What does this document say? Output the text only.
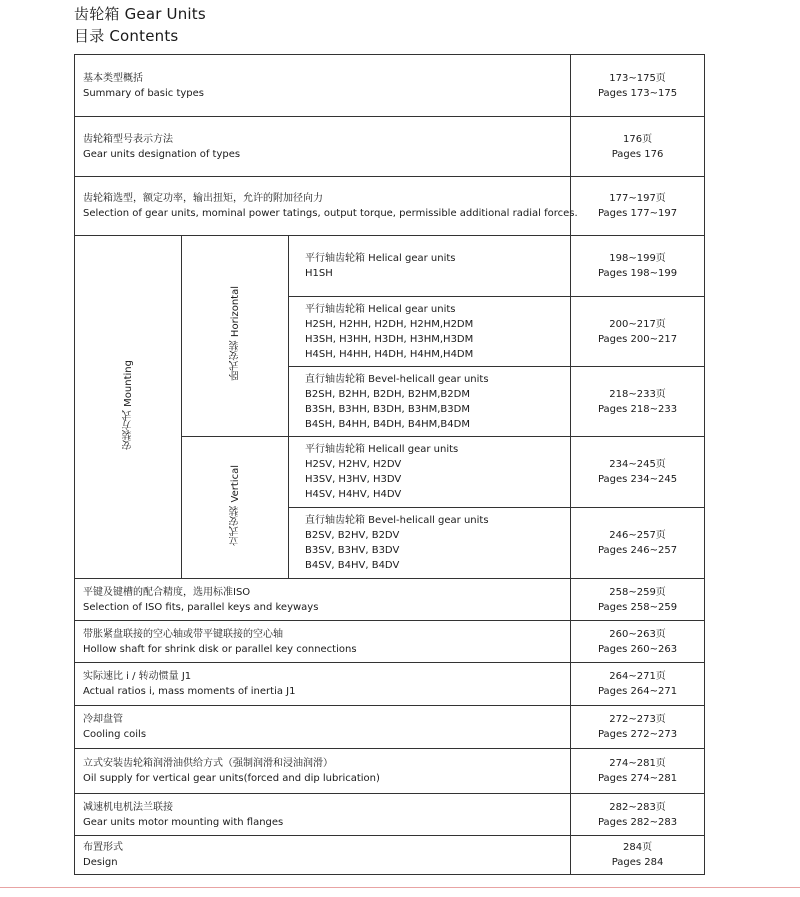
齿轮箱 Gear Units
目录 Contents
基本类型概括
Summary of basic types			173~175页
Pages 173~175

齿轮箱型号表示方法
Gear units designation of types			176页
Pages 176

齿轮箱选型，额定功率，输出扭矩，允许的附加径向力
Selection of gear units, mominal power tatings, output torque, permissible additional radial forces.			177~197页
Pages 177~197

安装方式 Mounting	卧式安装 Horizontal	平行轴齿轮箱 Helical gear units
H1SH	198~199页
Pages 198~199

		平行轴齿轮箱 Helical gear units
H2SH, H2HH, H2DH, H2HM,H2DM
H3SH, H3HH, H3DH, H3HM,H3DM
H4SH, H4HH, H4DH, H4HM,H4DM	200~217页
Pages 200~217

		直行轴齿轮箱 Bevel-helicall gear units
B2SH, B2HH, B2DH, B2HM,B2DM
B3SH, B3HH, B3DH, B3HM,B3DM
B4SH, B4HH, B4DH, B4HM,B4DM	218~233页
Pages 218~233

	立式安装 Vertical	平行轴齿轮箱 Helicall gear units
H2SV, H2HV, H2DV
H3SV, H3HV, H3DV
H4SV, H4HV, H4DV	234~245页
Pages 234~245

		直行轴齿轮箱 Bevel-helicall gear units
B2SV, B2HV, B2DV
B3SV, B3HV, B3DV
B4SV, B4HV, B4DV	246~257页
Pages 246~257

平键及键槽的配合精度，选用标准ISO
Selection of ISO fits, parallel keys and keyways			258~259页
Pages 258~259

带胀紧盘联接的空心轴或带平键联接的空心轴
Hollow shaft for shrink disk or parallel key connections			260~263页
Pages 260~263

实际速比 i / 转动惯量 J1
Actual ratios i, mass moments of inertia J1			264~271页
Pages 264~271

冷却盘管
Cooling coils			272~273页
Pages 272~273

立式安装齿轮箱润滑油供给方式（强制润滑和浸油润滑）
Oil supply for vertical gear units(forced and dip lubrication)			274~281页
Pages 274~281

减速机电机法兰联接
Gear units motor mounting with flanges			282~283页
Pages 282~283

布置形式
Design			284页
Pages 284
